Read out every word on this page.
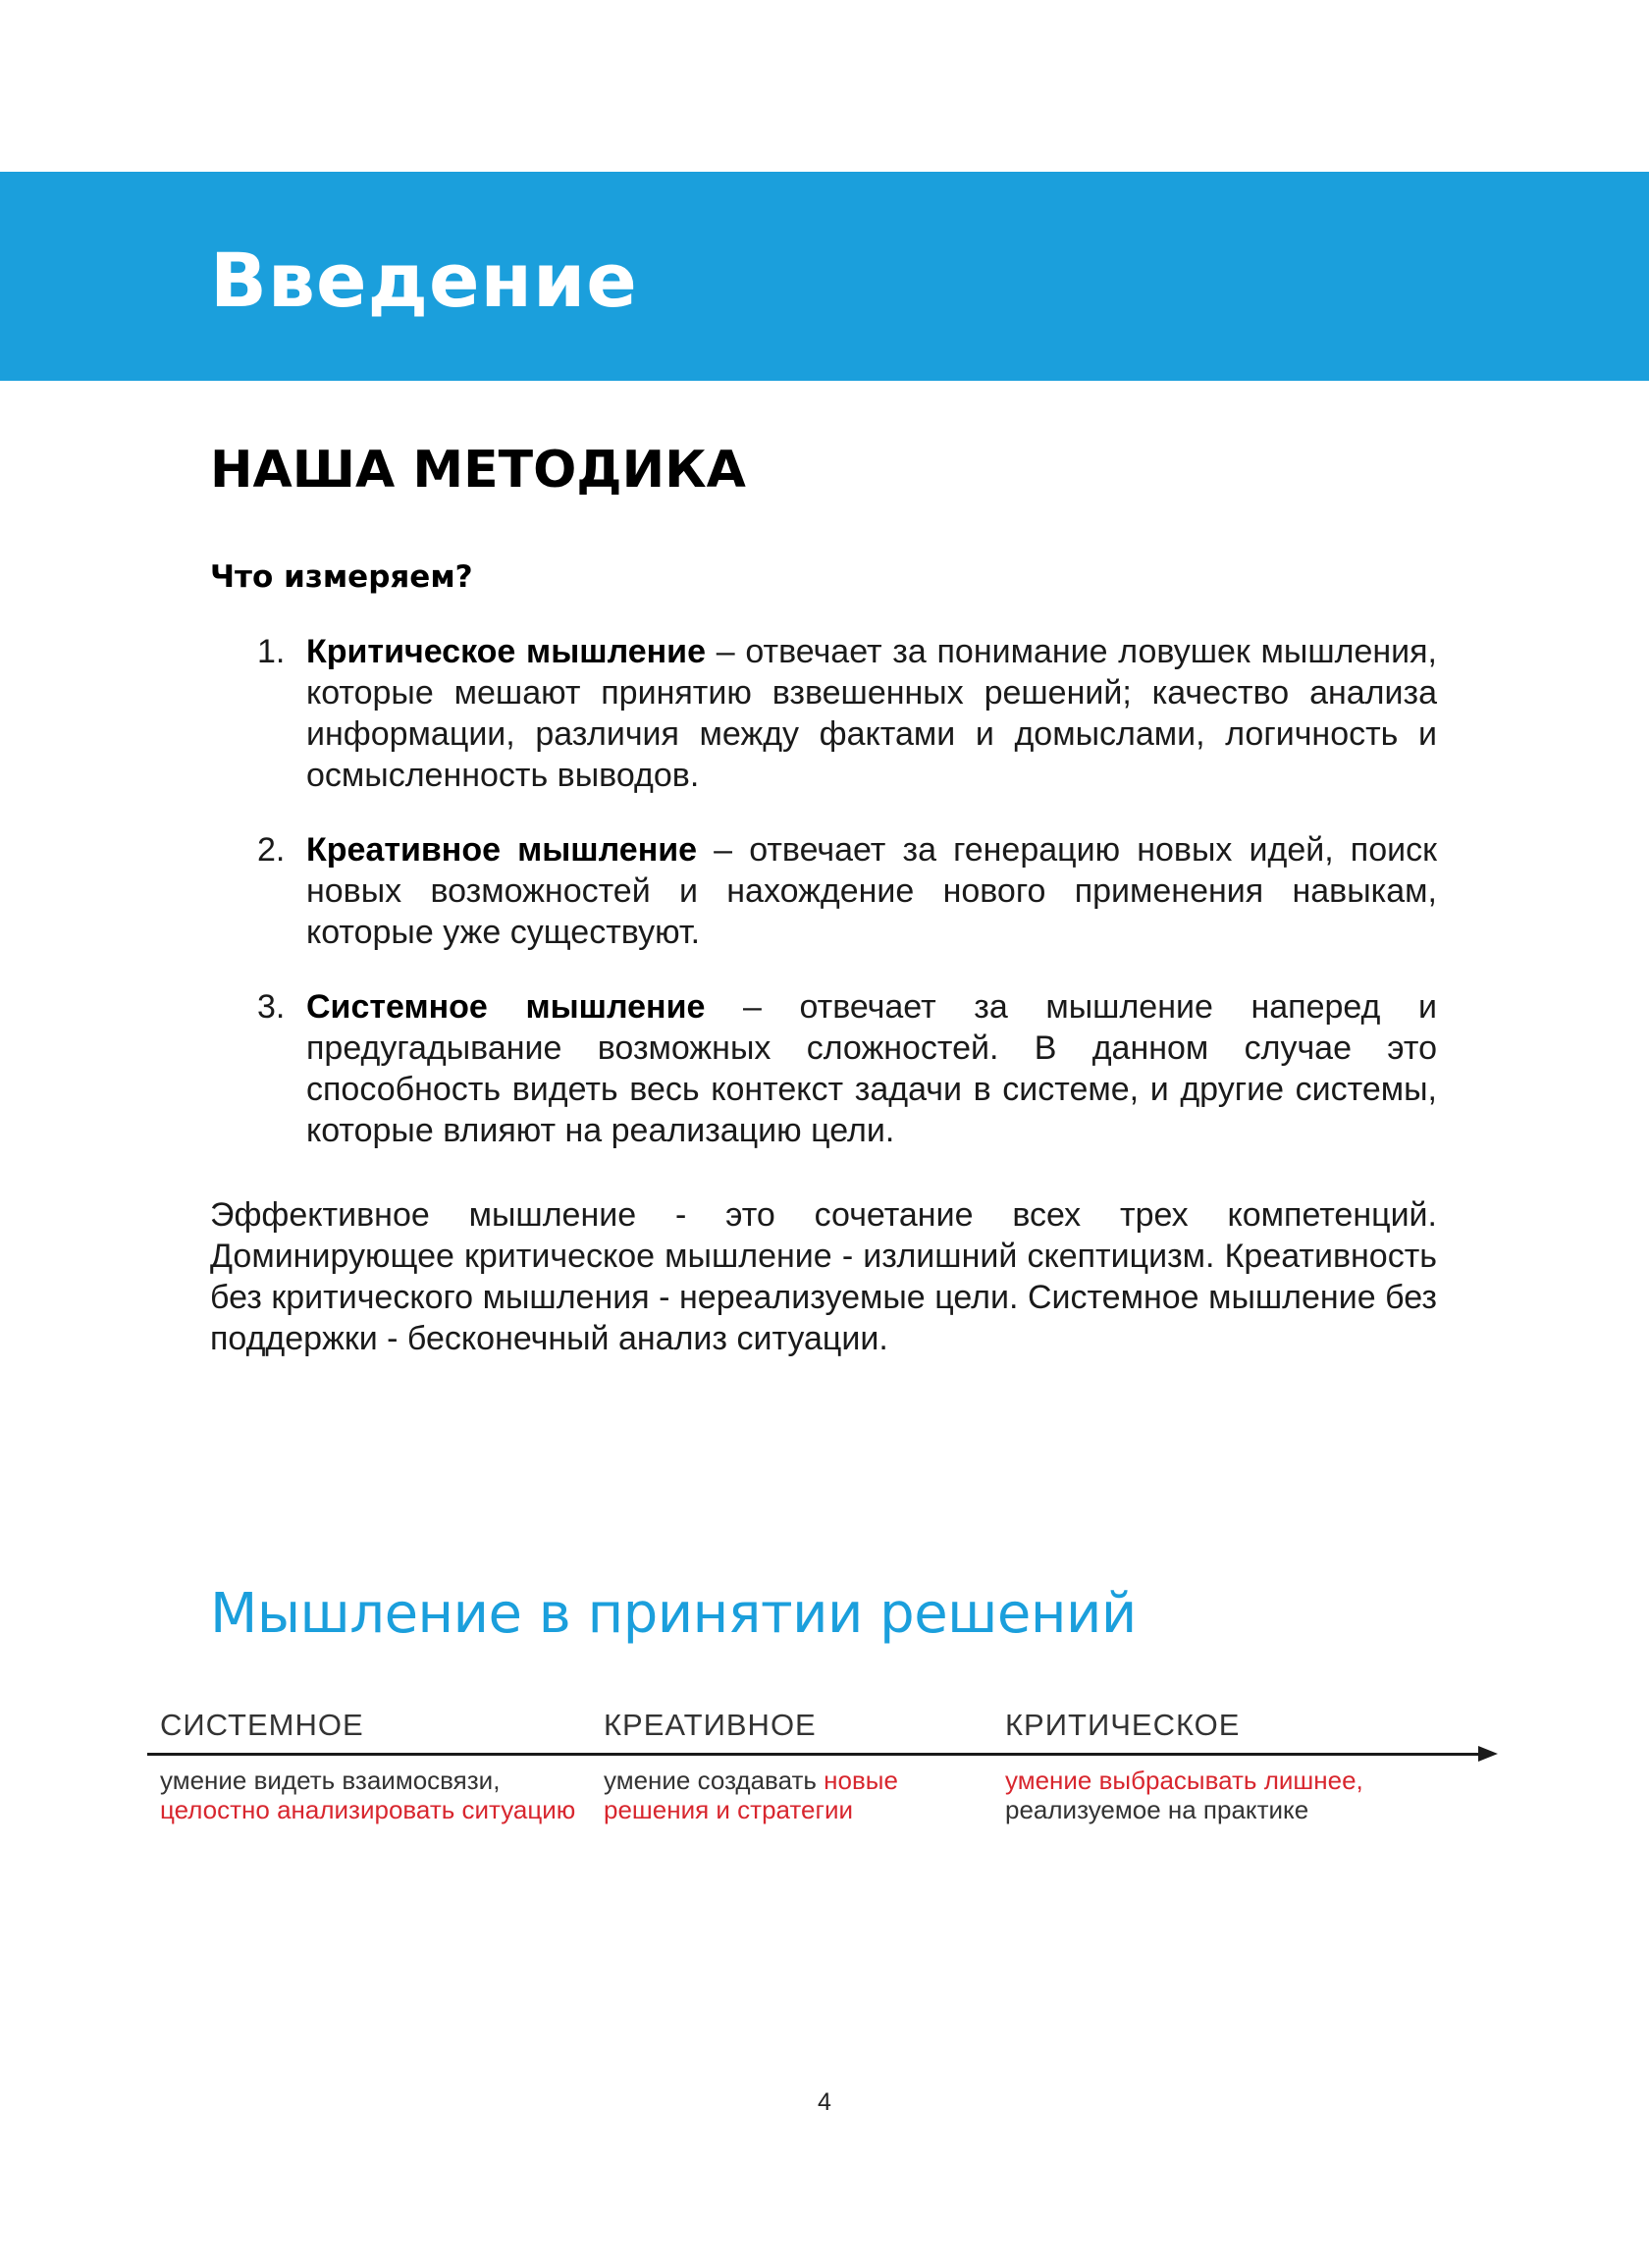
Введение
НАША МЕТОДИКА
Что измеряем?
1. Критическое мышление – отвечает за понимание ловушек мышления, которые мешают принятию взвешенных решений; качество анализа информации, различия между фактами и домыслами, логичность и осмысленность выводов.
2. Креативное мышление – отвечает за генерацию новых идей, поиск новых возможностей и нахождение нового применения навыкам, которые уже существуют.
3. Системное мышление – отвечает за мышление наперед и предугадывание возможных сложностей. В данном случае это способность видеть весь контекст задачи в системе, и другие системы, которые влияют на реализацию цели.

Эффективное мышление - это сочетание всех трех компетенций. Доминирующее критическое мышление - излишний скептицизм. Креативность без критического мышления - нереализуемые цели. Системное мышление без поддержки - бесконечный анализ ситуации.

Мышление в принятии решений
СИСТЕМНОЕ
умение видеть взаимосвязи, целостно анализировать ситуацию
КРЕАТИВНОЕ
умение создавать новые решения и стратегии
КРИТИЧЕСКОЕ
умение выбрасывать лишнее,
реализуемое на практике
4
